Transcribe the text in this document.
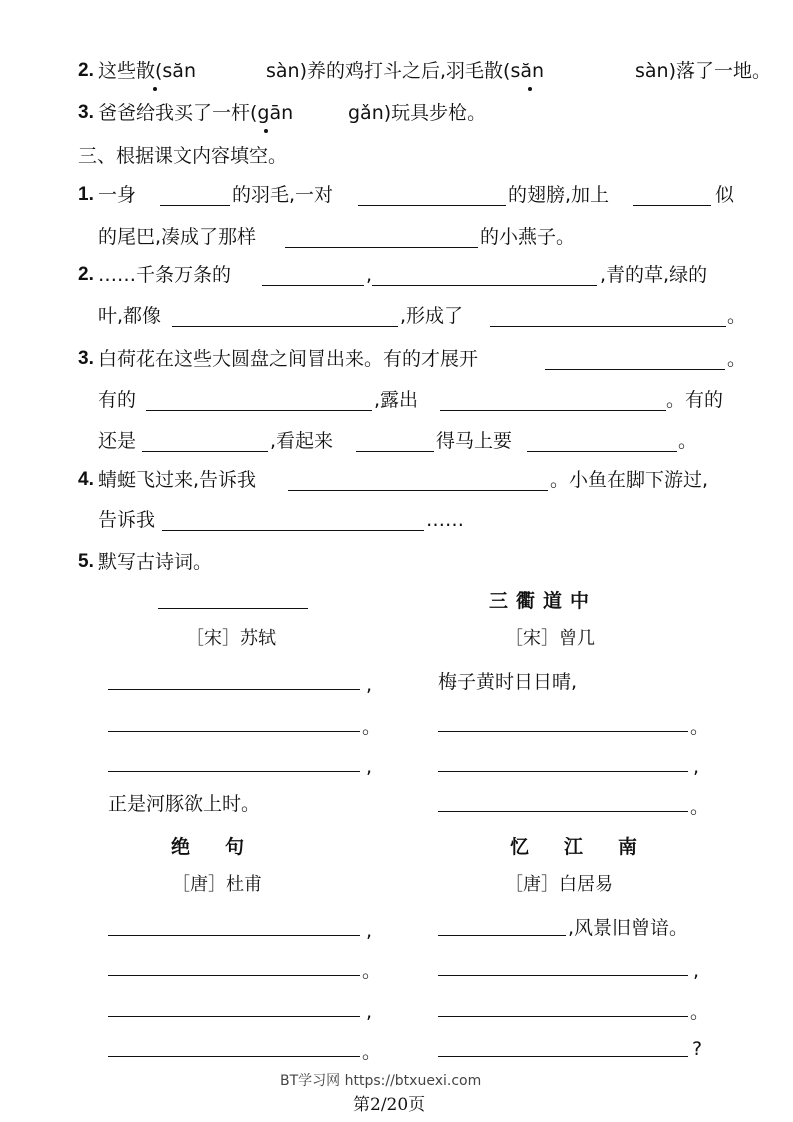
2. 这些散(săn	sàn)养的鸡打斗之后,羽毛散(săn	sàn)落了一地。
3. 爸爸给我买了一杆(gān	gǎn)玩具步枪。
三、根据课文内容填空。
1. 一身	的羽毛,一对	的翅膀,加上	似
的尾巴,凑成了那样	的小燕子。
2. ……千条万条的	,	,青的草,绿的
叶,都像	,形成了	。
3. 白荷花在这些大圆盘之间冒出来。有的才展开	。
有的	,露出	。有的
还是	,看起来	得马上要	。
4. 蜻蜓飞过来,告诉我	。小鱼在脚下游过,
告诉我	……
5. 默写古诗词。
［宋］苏轼
,
。
,
正是河豚欲上时。
三衢道中
［宋］曾几
梅子黄时日日晴,
。
,
。
绝　句
［唐］杜甫
,
。
,
。
忆　江　南
［唐］白居易
,风景旧曾谙。
,
。
?
BT学习网 https://btxuexi.com
第2/20页
